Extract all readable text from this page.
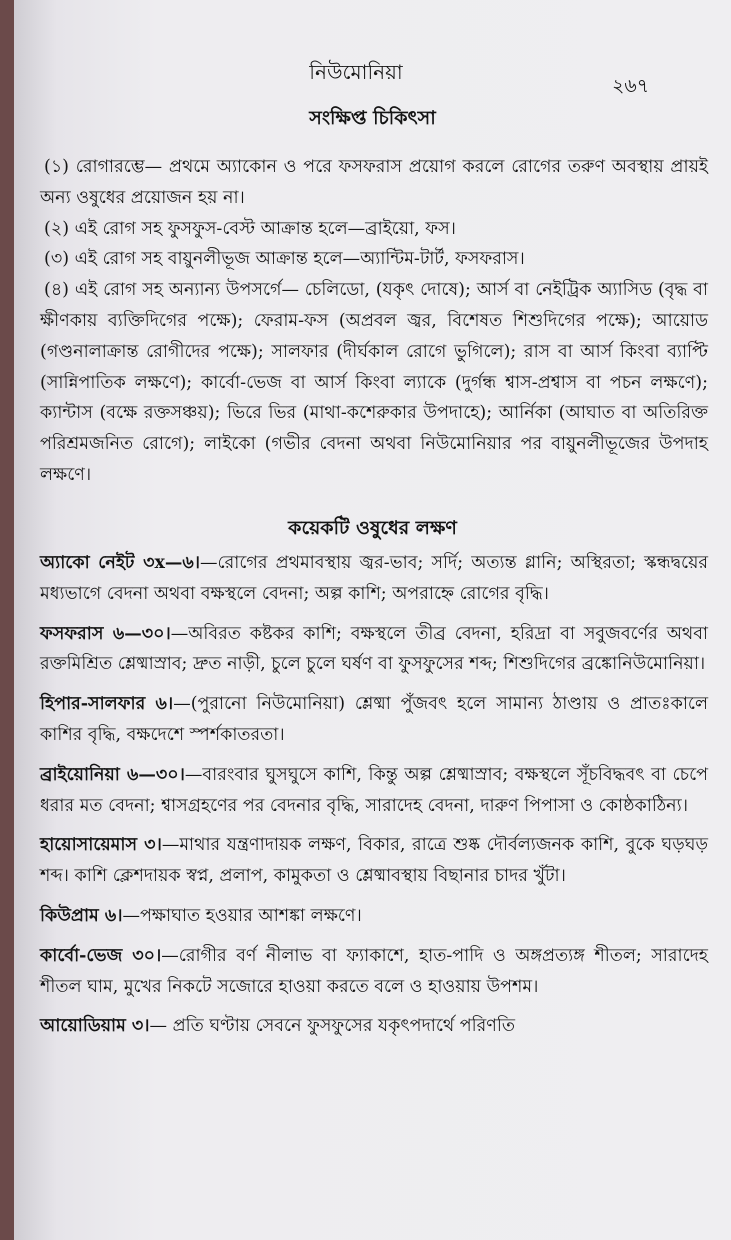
নিউমোনিয়া
২৬৭
সংক্ষিপ্ত চিকিৎসা

(১) রোগারম্ভে— প্রথমে অ্যাকোন ও পরে ফসফরাস প্রয়োগ করলে রোগের তরুণ অবস্থায় প্রায়ই অন্য ওষুধের প্রয়োজন হয় না।

(২) এই রোগ সহ ফুসফুস-বেস্ট আক্রান্ত হলে—ব্রাইয়ো, ফস।

(৩) এই রোগ সহ বায়ুনলীভূজ আক্রান্ত হলে—অ্যান্টিম-টার্ট, ফসফরাস।

(৪) এই রোগ সহ অন্যান্য উপসর্গে— চেলিডো, (যকৃৎ দোষে); আর্স বা নেইট্রিক অ্যাসিড (বৃদ্ধ বা ক্ষীণকায় ব্যক্তিদিগের পক্ষে); ফেরাম-ফস (অপ্রবল জ্বর, বিশেষত শিশুদিগের পক্ষে); আয়োড (গণ্ডনালাক্রান্ত রোগীদের পক্ষে); সালফার (দীর্ঘকাল রোগে ভুগিলে); রাস বা আর্স কিংবা ব্যাপ্টি (সান্নিপাতিক লক্ষণে); কার্বো-ভেজ বা আর্স কিংবা ল্যাকে (দুর্গন্ধ শ্বাস-প্রশ্বাস বা পচন লক্ষণে); ক্যান্টাস (বক্ষে রক্তসঞ্চয়); ভিরে ভির (মাথা-কশেরুকার উপদাহে); আর্নিকা (আঘাত বা অতিরিক্ত পরিশ্রমজনিত রোগে); লাইকো (গভীর বেদনা অথবা নিউমোনিয়ার পর বায়ুনলীভূজের উপদাহ লক্ষণে।

কয়েকটি ওষুধের লক্ষণ

অ্যাকো নেইট ৩x—৬।—রোগের প্রথমাবস্থায় জ্বর-ভাব; সর্দি; অত্যন্ত গ্লানি; অস্থিরতা; স্কন্ধদ্বয়ের মধ্যভাগে বেদনা অথবা বক্ষস্থলে বেদনা; অল্প কাশি; অপরাহ্নে রোগের বৃদ্ধি।

ফসফরাস ৬—৩০।—অবিরত কষ্টকর কাশি; বক্ষস্থলে তীব্র বেদনা, হরিদ্রা বা সবুজবর্ণের অথবা রক্তমিশ্রিত শ্লেষ্মাস্রাব; দ্রুত নাড়ী, চুলে চুলে ঘর্ষণ বা ফুসফুসের শব্দ; শিশুদিগের ব্রঙ্কোনিউমোনিয়া।

হিপার-সালফার ৬।—(পুরানো নিউমোনিয়া) শ্লেষ্মা পুঁজবৎ হলে সামান্য ঠাণ্ডায় ও প্রাতঃকালে কাশির বৃদ্ধি, বক্ষদেশে স্পর্শকাতরতা।

ব্রাইয়োনিয়া ৬—৩০।—বারংবার ঘুসঘুসে কাশি, কিন্তু অল্প শ্লেষ্মাস্রাব; বক্ষস্থলে সূঁচবিদ্ধবৎ বা চেপে ধরার মত বেদনা; শ্বাসগ্রহণের পর বেদনার বৃদ্ধি, সারাদেহ বেদনা, দারুণ পিপাসা ও কোষ্ঠকাঠিন্য।

হায়োসায়েমাস ৩।—মাথার যন্ত্রণাদায়ক লক্ষণ, বিকার, রাত্রে শুষ্ক দৌর্বল্যজনক কাশি, বুকে ঘড়ঘড় শব্দ। কাশি ক্লেশদায়ক স্বপ্ন, প্রলাপ, কামুকতা ও শ্লেষ্মাবস্থায় বিছানার চাদর খুঁটা।

কিউপ্রাম ৬।—পক্ষাঘাত হওয়ার আশঙ্কা লক্ষণে।

কার্বো-ভেজ ৩০।—রোগীর বর্ণ নীলাভ বা ফ্যাকাশে, হাত-পাদি ও অঙ্গপ্রত্যঙ্গ শীতল; সারাদেহ শীতল ঘাম, মুখের নিকটে সজোরে হাওয়া করতে বলে ও হাওয়ায় উপশম।

আয়োডিয়াম ৩।— প্রতি ঘণ্টায় সেবনে ফুসফুসের যকৃৎপদার্থে পরিণতি
